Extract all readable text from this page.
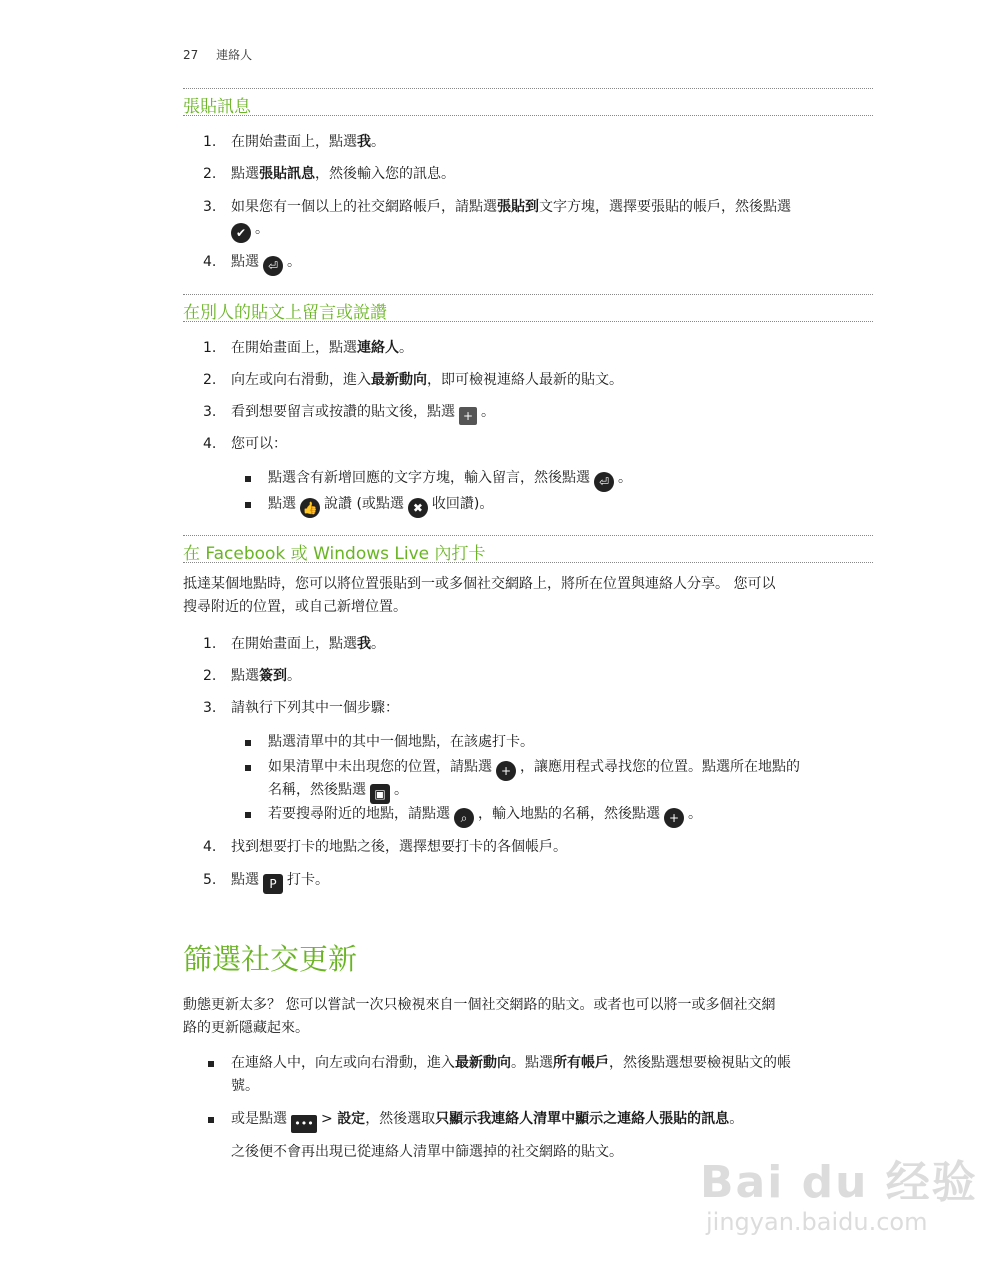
27 連絡人
張貼訊息
1. 在開始畫面上，點選我。
2. 點選張貼訊息，然後輸入您的訊息。
3. 如果您有一個以上的社交網路帳戶，請點選張貼到文字方塊，選擇要張貼的帳戶，然後點選
✔ 。
4. 點選 ⏎ 。
在別人的貼文上留言或說讚
1. 在開始畫面上，點選連絡人。
2. 向左或向右滑動，進入最新動向，即可檢視連絡人最新的貼文。
3. 看到想要留言或按讚的貼文後，點選 + 。
4. 您可以：
點選含有新增回應的文字方塊，輸入留言，然後點選 ⏎ 。
點選 👍 說讚 (或點選 ✖ 收回讚)。
在 Facebook 或 Windows Live 內打卡
抵達某個地點時，您可以將位置張貼到一或多個社交網路上，將所在位置與連絡人分享。 您可以
搜尋附近的位置，或自己新增位置。
1. 在開始畫面上，點選我。
2. 點選簽到。
3. 請執行下列其中一個步驟：
點選清單中的其中一個地點，在該處打卡。
如果清單中未出現您的位置，請點選 + ，讓應用程式尋找您的位置。點選所在地點的
名稱，然後點選 ▣ 。
若要搜尋附近的地點，請點選 ⌕ ，輸入地點的名稱，然後點選 + 。
4. 找到想要打卡的地點之後，選擇想要打卡的各個帳戶。
5. 點選 P 打卡。
篩選社交更新
動態更新太多？ 您可以嘗試一次只檢視來自一個社交網路的貼文。或者也可以將一或多個社交網
路的更新隱藏起來。
在連絡人中，向左或向右滑動，進入最新動向。點選所有帳戶，然後點選想要檢視貼文的帳
號。
或是點選 ••• > 設定，然後選取只顯示我連絡人清單中顯示之連絡人張貼的訊息。
之後便不會再出現已從連絡人清單中篩選掉的社交網路的貼文。
Bai du 经验
jingyan.baidu.com
